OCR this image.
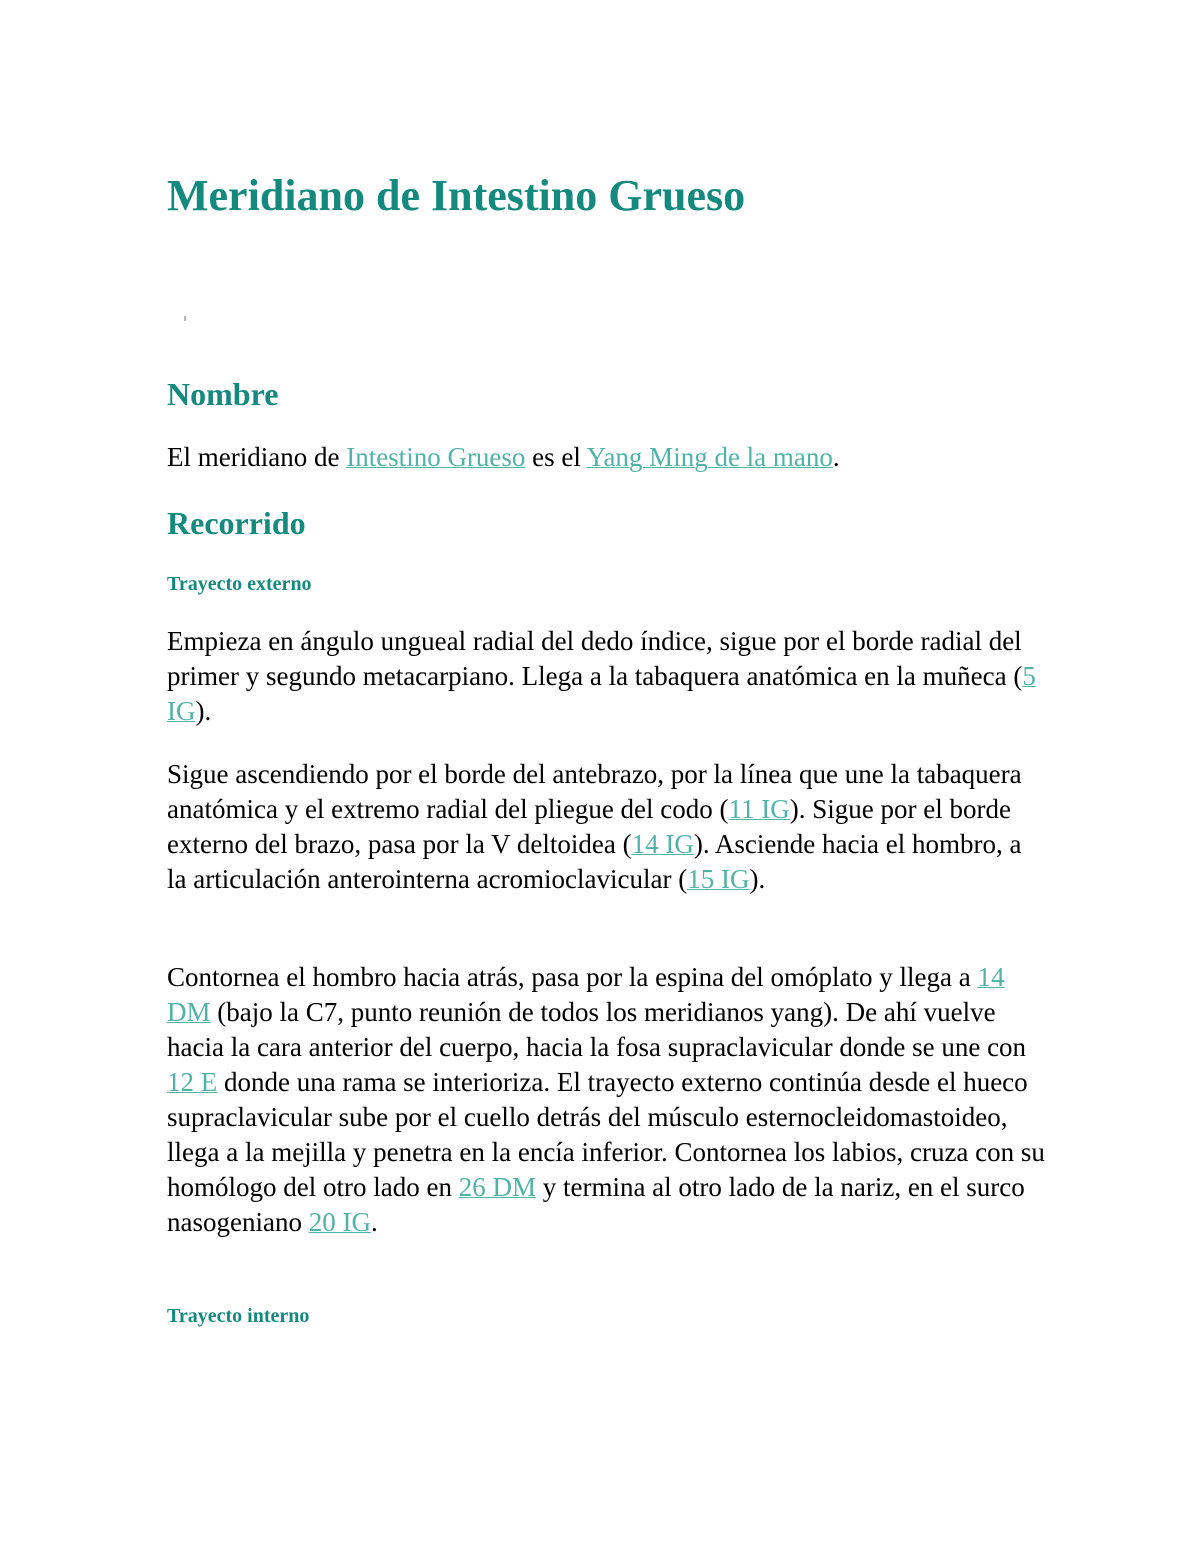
Meridiano de Intestino Grueso
Nombre

El meridiano de Intestino Grueso es el Yang Ming de la mano.

Recorrido
Trayecto externo

Empieza en ángulo ungueal radial del dedo índice, sigue por el borde radial del primer y segundo metacarpiano. Llega a la tabaquera anatómica en la muñeca (5 IG).

Sigue ascendiendo por el borde del antebrazo, por la línea que une la tabaquera anatómica y el extremo radial del pliegue del codo (11 IG). Sigue por el borde externo del brazo, pasa por la V deltoidea (14 IG). Asciende hacia el hombro, a la articulación anterointerna acromioclavicular (15 IG).

Contornea el hombro hacia atrás, pasa por la espina del omóplato y llega a 14 DM (bajo la C7, punto reunión de todos los meridianos yang). De ahí vuelve hacia la cara anterior del cuerpo, hacia la fosa supraclavicular donde se une con 12 E donde una rama se interioriza. El trayecto externo continúa desde el hueco supraclavicular sube por el cuello detrás del músculo esternocleidomastoideo, llega a la mejilla y penetra en la encía inferior. Contornea los labios, cruza con su homólogo del otro lado en 26 DM y termina al otro lado de la nariz, en el surco nasogeniano 20 IG.

Trayecto interno
